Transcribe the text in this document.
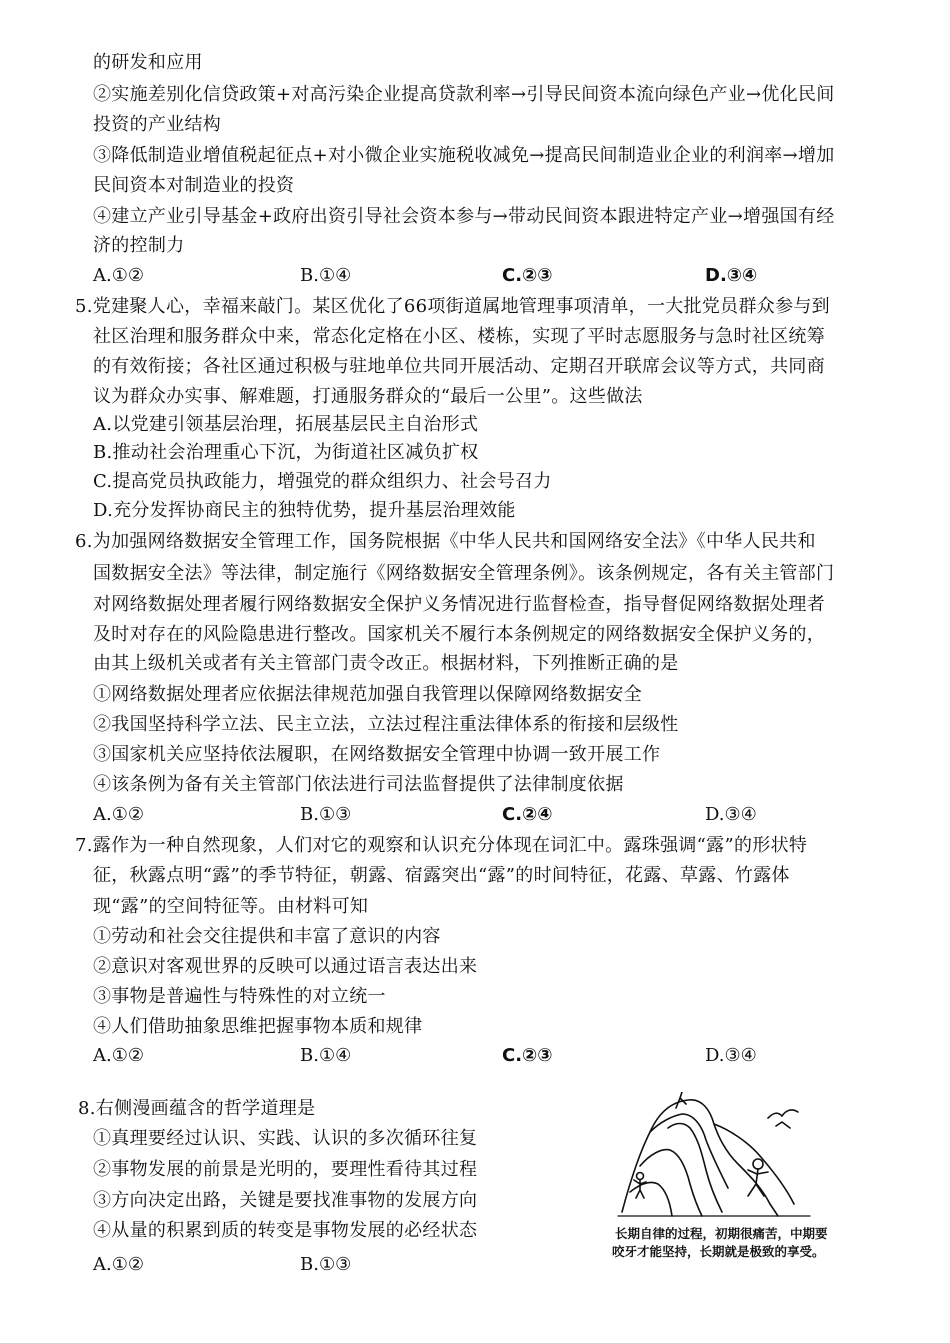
的研发和应用
②实施差别化信贷政策+对高污染企业提高贷款利率→引导民间资本流向绿色产业→优化民间
投资的产业结构
③降低制造业增值税起征点+对小微企业实施税收减免→提高民间制造业企业的利润率→增加
民间资本对制造业的投资
④建立产业引导基金+政府出资引导社会资本参与→带动民间资本跟进特定产业→增强国有经
济的控制力
A.①②	B.①④	C.②③	D.③④
5.党建聚人心，幸福来敲门。某区优化了66项街道属地管理事项清单，一大批党员群众参与到
社区治理和服务群众中来，常态化定格在小区、楼栋，实现了平时志愿服务与急时社区统筹
的有效衔接；各社区通过积极与驻地单位共同开展活动、定期召开联席会议等方式，共同商
议为群众办实事、解难题，打通服务群众的“最后一公里”。这些做法
A.以党建引领基层治理，拓展基层民主自治形式
B.推动社会治理重心下沉，为街道社区减负扩权
C.提高党员执政能力，增强党的群众组织力、社会号召力
D.充分发挥协商民主的独特优势，提升基层治理效能
6.为加强网络数据安全管理工作，国务院根据《中华人民共和国网络安全法》《中华人民共和
国数据安全法》等法律，制定施行《网络数据安全管理条例》。该条例规定，各有关主管部门
对网络数据处理者履行网络数据安全保护义务情况进行监督检查，指导督促网络数据处理者
及时对存在的风险隐患进行整改。国家机关不履行本条例规定的网络数据安全保护义务的，
由其上级机关或者有关主管部门责令改正。根据材料，下列推断正确的是
①网络数据处理者应依据法律规范加强自我管理以保障网络数据安全
②我国坚持科学立法、民主立法，立法过程注重法律体系的衔接和层级性
③国家机关应坚持依法履职，在网络数据安全管理中协调一致开展工作
④该条例为备有关主管部门依法进行司法监督提供了法律制度依据
A.①②	B.①③	C.②④	D.③④
7.露作为一种自然现象，人们对它的观察和认识充分体现在词汇中。露珠强调“露”的形状特
征，秋露点明“露”的季节特征，朝露、宿露突出“露”的时间特征，花露、草露、竹露体
现“露”的空间特征等。由材料可知
①劳动和社会交往提供和丰富了意识的内容
②意识对客观世界的反映可以通过语言表达出来
③事物是普遍性与特殊性的对立统一
④人们借助抽象思维把握事物本质和规律
A.①②	B.①④	C.②③	D.③④
8.右侧漫画蕴含的哲学道理是
①真理要经过认识、实践、认识的多次循环往复
②事物发展的前景是光明的，要理性看待其过程
③方向决定出路，关键是要找准事物的发展方向
④从量的积累到质的转变是事物发展的必经状态
A.①②	B.①③
长期自律的过程，初期很痛苦，中期要
咬牙才能坚持，长期就是极致的享受。
